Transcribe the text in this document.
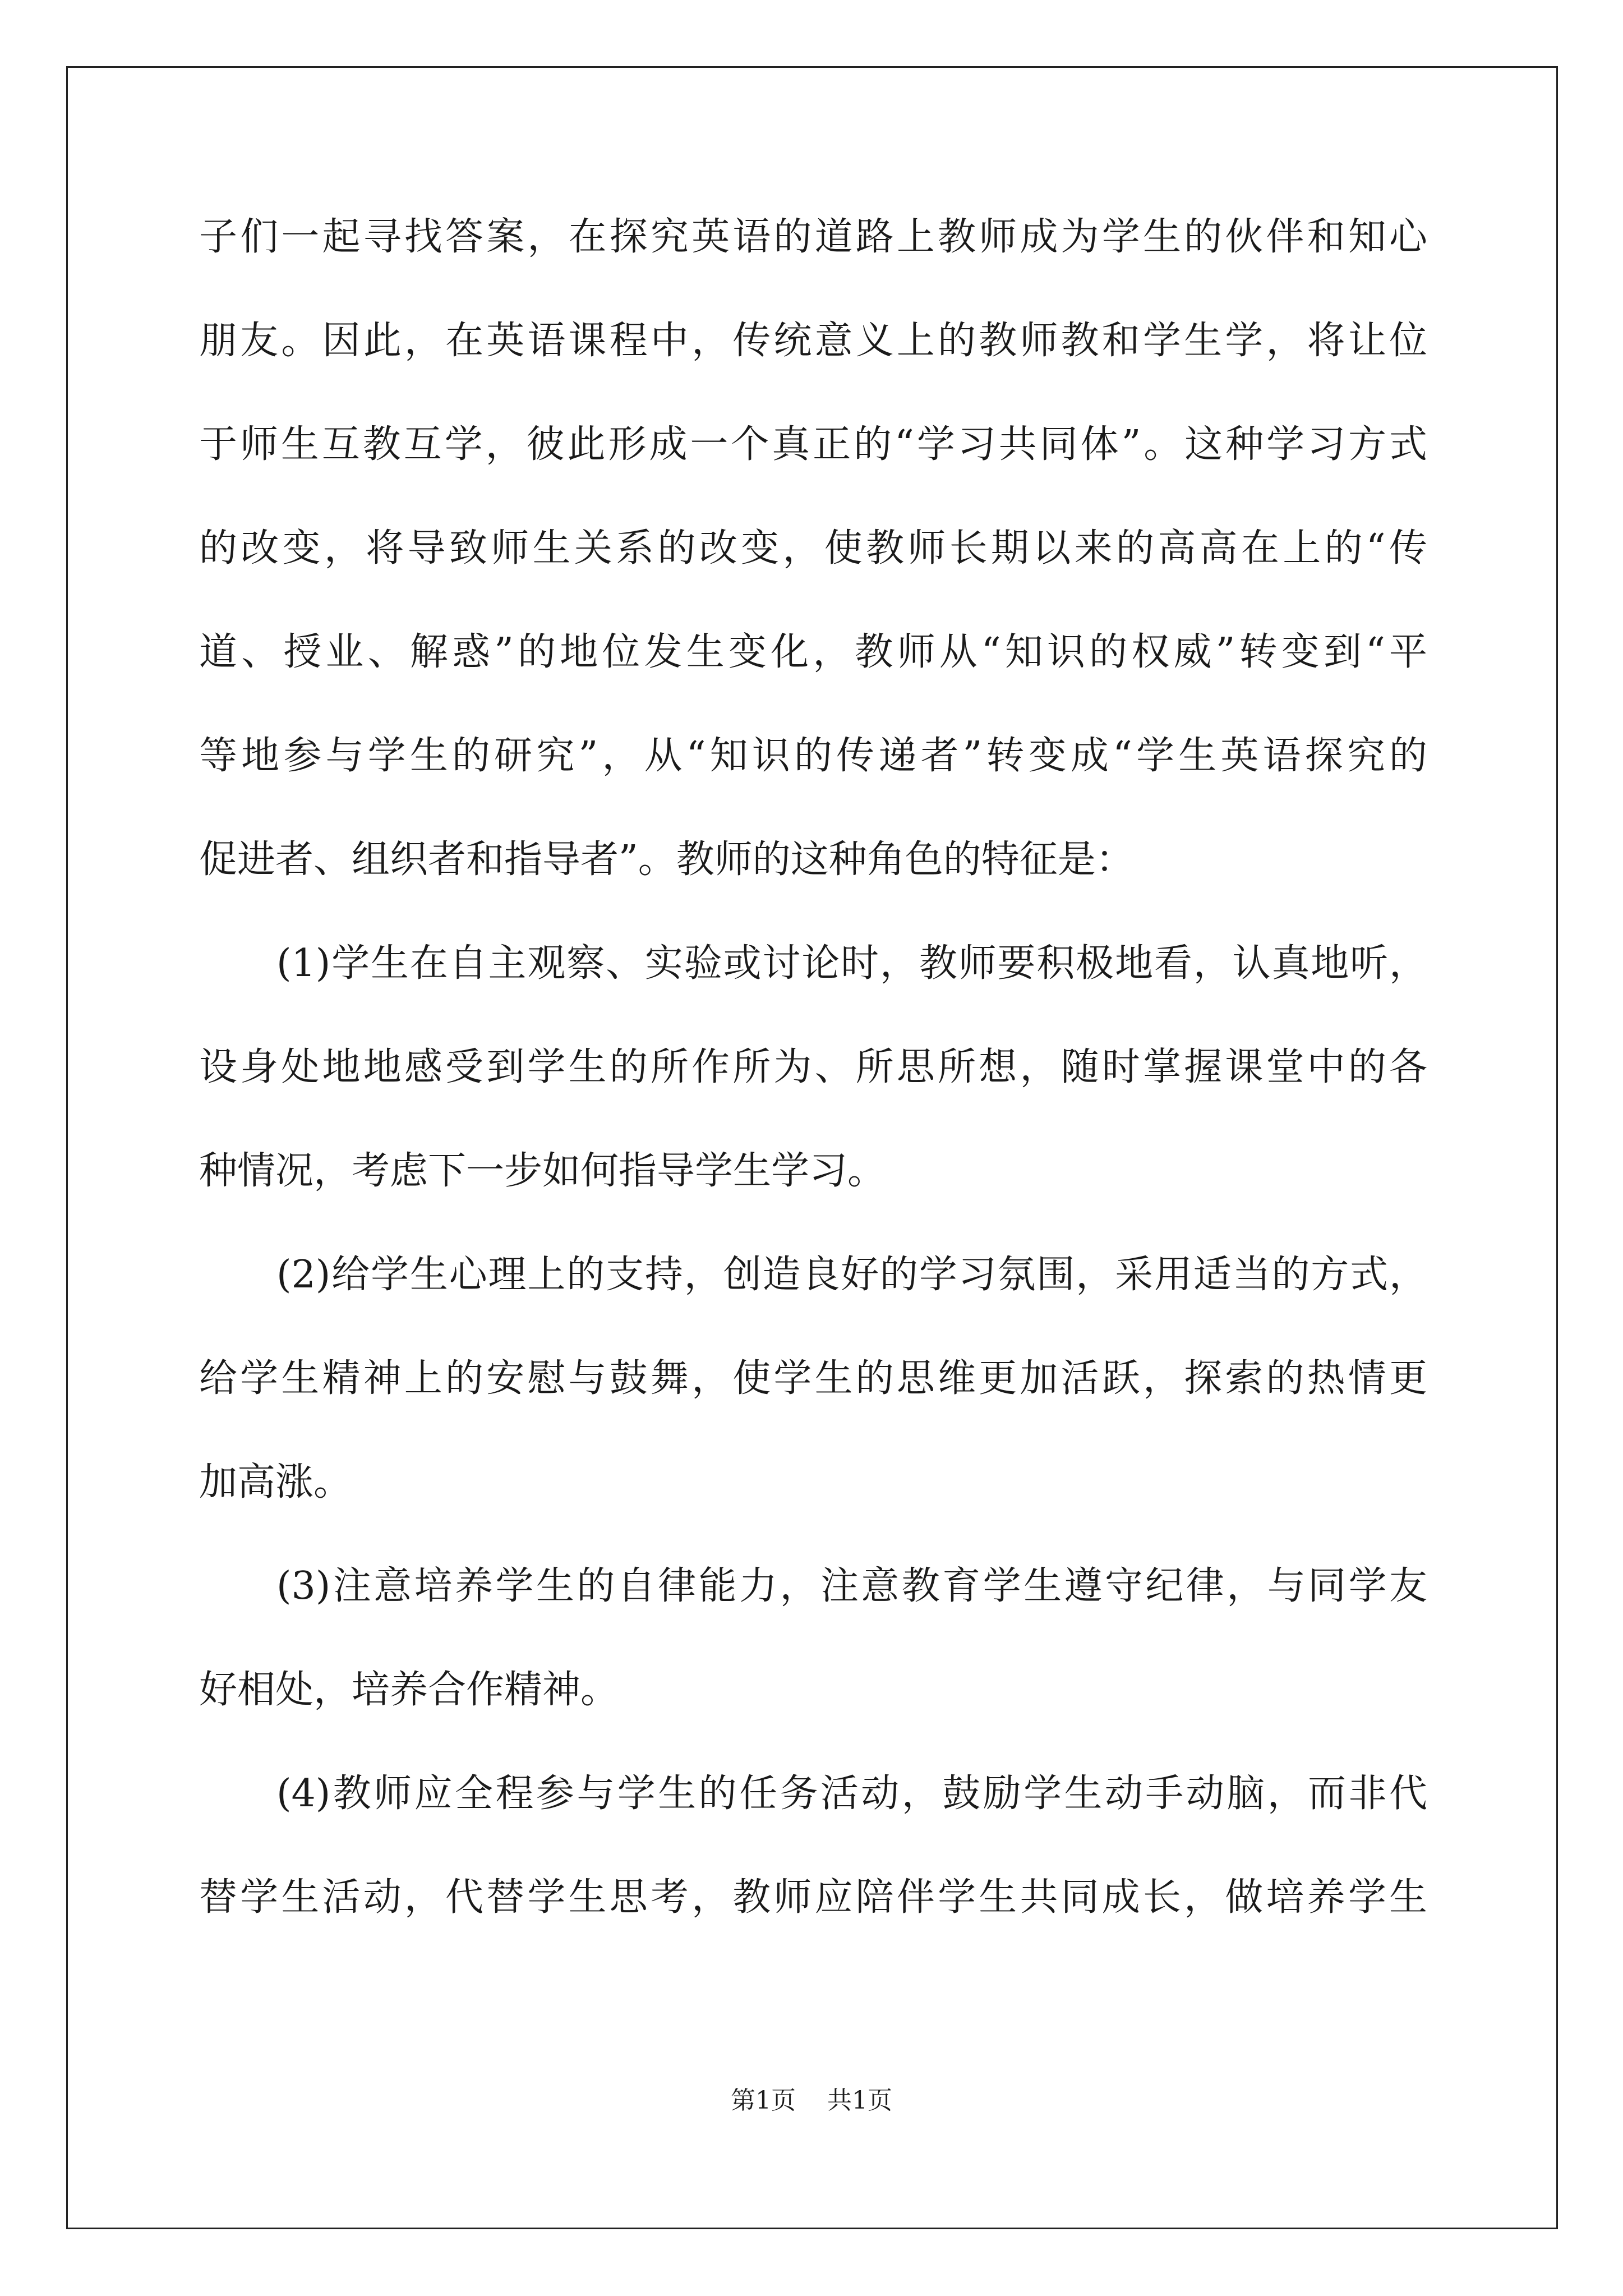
子们一起寻找答案，在探究英语的道路上教师成为学生的伙伴和知心
朋友。因此，在英语课程中，传统意义上的教师教和学生学，将让位
于师生互教互学，彼此形成一个真正的“学习共同体”。这种学习方式
的改变，将导致师生关系的改变，使教师长期以来的高高在上的“传
道、授业、解惑”的地位发生变化，教师从“知识的权威”转变到“平
等地参与学生的研究”，从“知识的传递者”转变成“学生英语探究的
促进者、组织者和指导者”。教师的这种角色的特征是：
(1)学生在自主观察、实验或讨论时，教师要积极地看，认真地听，
设身处地地感受到学生的所作所为、所思所想，随时掌握课堂中的各
种情况，考虑下一步如何指导学生学习。
(2)给学生心理上的支持，创造良好的学习氛围，采用适当的方式，
给学生精神上的安慰与鼓舞，使学生的思维更加活跃，探索的热情更
加高涨。
(3)注意培养学生的自律能力，注意教育学生遵守纪律，与同学友
好相处，培养合作精神。
(4)教师应全程参与学生的任务活动，鼓励学生动手动脑，而非代
替学生活动，代替学生思考，教师应陪伴学生共同成长，做培养学生
第1页 共1页
